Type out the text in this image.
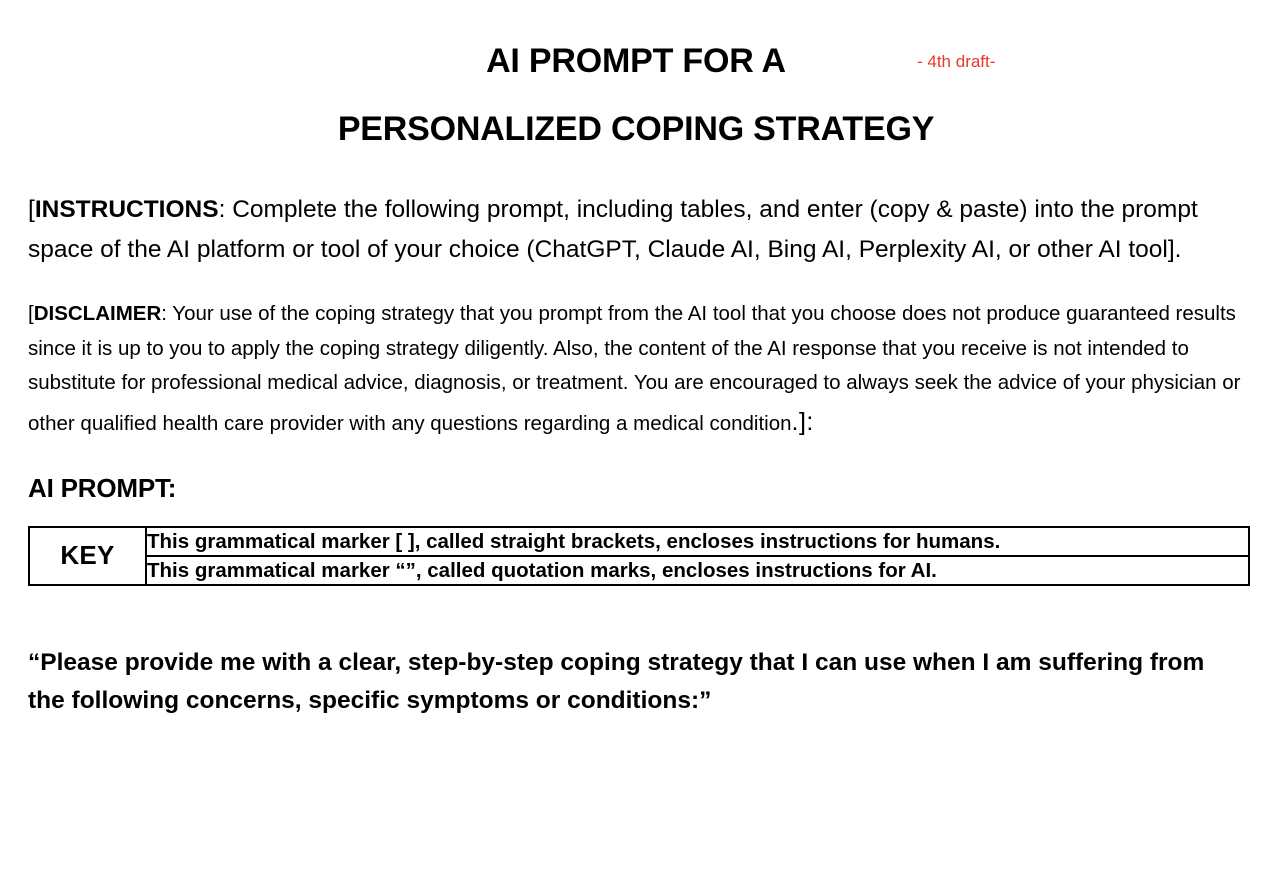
AI PROMPT FOR A	- 4th draft-
PERSONALIZED COPING STRATEGY

[INSTRUCTIONS: Complete the following prompt, including tables, and enter (copy & paste) into the prompt space of the AI platform or tool of your choice (ChatGPT, Claude AI, Bing AI, Perplexity AI, or other AI tool].

[DISCLAIMER: Your use of the coping strategy that you prompt from the AI tool that you choose does not produce guaranteed results since it is up to you to apply the coping strategy diligently. Also, the content of the AI response that you receive is not intended to substitute for professional medical advice, diagnosis, or treatment. You are encouraged to always seek the advice of your physician or other qualified health care provider with any questions regarding a medical condition.]:

AI PROMPT:
KEY	This grammatical marker [ ], called straight brackets, encloses instructions for humans.
This grammatical marker “”, called quotation marks, encloses instructions for AI.

“Please provide me with a clear, step-by-step coping strategy that I can use when I am suffering from the following concerns, specific symptoms or conditions:”
